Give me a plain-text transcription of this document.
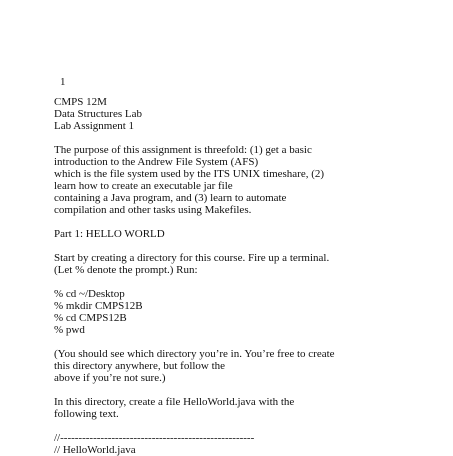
1
CMPS 12M
Data Structures Lab
Lab Assignment 1
The purpose of this assignment is threefold: (1) get a basic
introduction to the Andrew File System (AFS)
which is the file system used by the ITS UNIX timeshare, (2)
learn how to create an executable jar file
containing a Java program, and (3) learn to automate
compilation and other tasks using Makefiles.
Part 1: HELLO WORLD
Start by creating a directory for this course. Fire up a terminal.
(Let % denote the prompt.) Run:
% cd ~/Desktop
% mkdir CMPS12B
% cd CMPS12B
% pwd
(You should see which directory you’re in. You’re free to create
this directory anywhere, but follow the
above if you’re not sure.)
In this directory, create a file HelloWorld.java with the
following text.
//-----------------------------------------------------
// HelloWorld.java
